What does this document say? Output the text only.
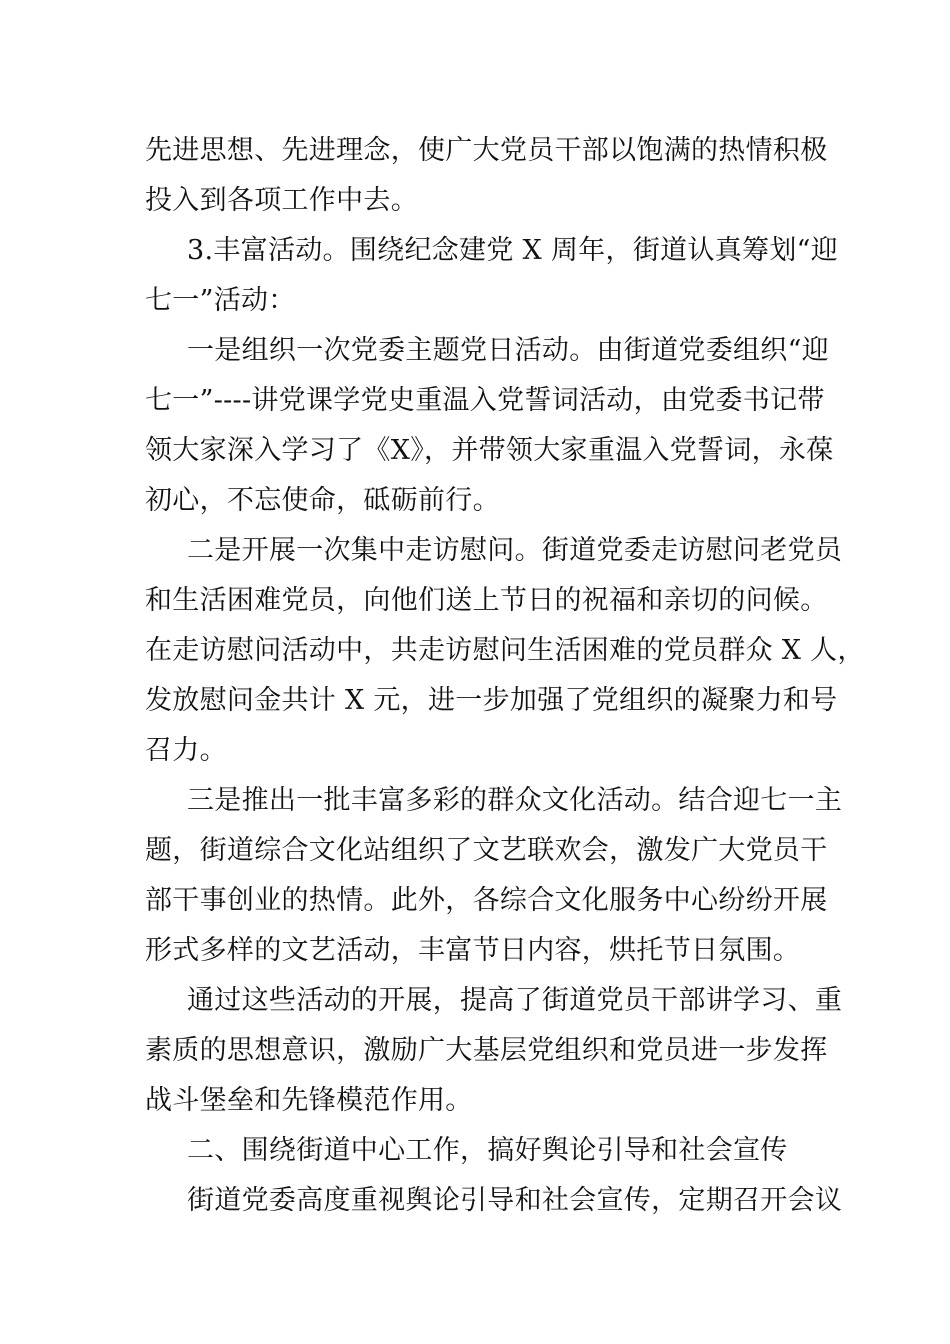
先进思想、先进理念，使广大党员干部以饱满的热情积极
投入到各项工作中去。
3.丰富活动。围绕纪念建党 X 周年，街道认真筹划“迎
七一”活动：
一是组织一次党委主题党日活动。由街道党委组织“迎
七一”----讲党课学党史重温入党誓词活动，由党委书记带
领大家深入学习了《X》，并带领大家重温入党誓词，永葆
初心，不忘使命，砥砺前行。
二是开展一次集中走访慰问。街道党委走访慰问老党员
和生活困难党员，向他们送上节日的祝福和亲切的问候。
在走访慰问活动中，共走访慰问生活困难的党员群众 X 人，
发放慰问金共计 X 元，进一步加强了党组织的凝聚力和号
召力。
三是推出一批丰富多彩的群众文化活动。结合迎七一主
题，街道综合文化站组织了文艺联欢会，激发广大党员干
部干事创业的热情。此外，各综合文化服务中心纷纷开展
形式多样的文艺活动，丰富节日内容，烘托节日氛围。
通过这些活动的开展，提高了街道党员干部讲学习、重
素质的思想意识，激励广大基层党组织和党员进一步发挥
战斗堡垒和先锋模范作用。
二、围绕街道中心工作，搞好舆论引导和社会宣传
街道党委高度重视舆论引导和社会宣传，定期召开会议
